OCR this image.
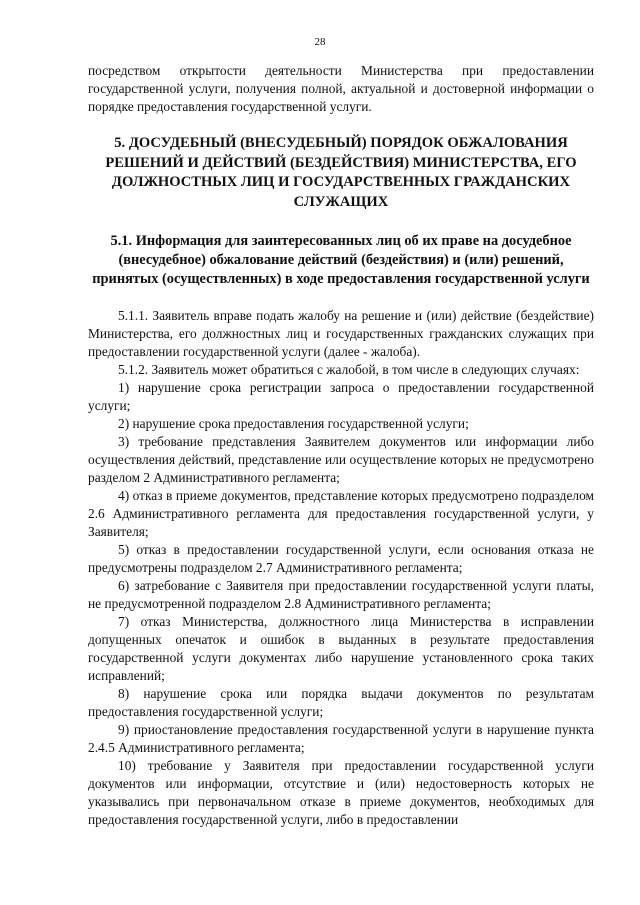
28

посредством открытости деятельности Министерства при предоставлении государственной услуги, получения полной, актуальной и достоверной информации о порядке предоставления государственной услуги.

5. ДОСУДЕБНЫЙ (ВНЕСУДЕБНЫЙ) ПОРЯДОК ОБЖАЛОВАНИЯ РЕШЕНИЙ И ДЕЙСТВИЙ (БЕЗДЕЙСТВИЯ) МИНИСТЕРСТВА, ЕГО ДОЛЖНОСТНЫХ ЛИЦ И ГОСУДАРСТВЕННЫХ ГРАЖДАНСКИХ СЛУЖАЩИХ
5.1. Информация для заинтересованных лиц об их праве на досудебное (внесудебное) обжалование действий (бездействия) и (или) решений, принятых (осуществленных) в ходе предоставления государственной услуги

5.1.1. Заявитель вправе подать жалобу на решение и (или) действие (бездействие) Министерства, его должностных лиц и государственных гражданских служащих при предоставлении государственной услуги (далее - жалоба).

5.1.2. Заявитель может обратиться с жалобой, в том числе в следующих случаях:

1) нарушение срока регистрации запроса о предоставлении государственной услуги;

2) нарушение срока предоставления государственной услуги;

3) требование представления Заявителем документов или информации либо осуществления действий, представление или осуществление которых не предусмотрено разделом 2 Административного регламента;

4) отказ в приеме документов, представление которых предусмотрено подразделом 2.6 Административного регламента для предоставления государственной услуги, у Заявителя;

5) отказ в предоставлении государственной услуги, если основания отказа не предусмотрены подразделом 2.7 Административного регламента;

6) затребование с Заявителя при предоставлении государственной услуги платы, не предусмотренной подразделом 2.8 Административного регламента;

7) отказ Министерства, должностного лица Министерства в исправлении допущенных опечаток и ошибок в выданных в результате предоставления государственной услуги документах либо нарушение установленного срока таких исправлений;

8) нарушение срока или порядка выдачи документов по результатам предоставления государственной услуги;

9) приостановление предоставления государственной услуги в нарушение пункта 2.4.5 Административного регламента;

10) требование у Заявителя при предоставлении государственной услуги документов или информации, отсутствие и (или) недостоверность которых не указывались при первоначальном отказе в приеме документов, необходимых для предоставления государственной услуги, либо в предоставлении
